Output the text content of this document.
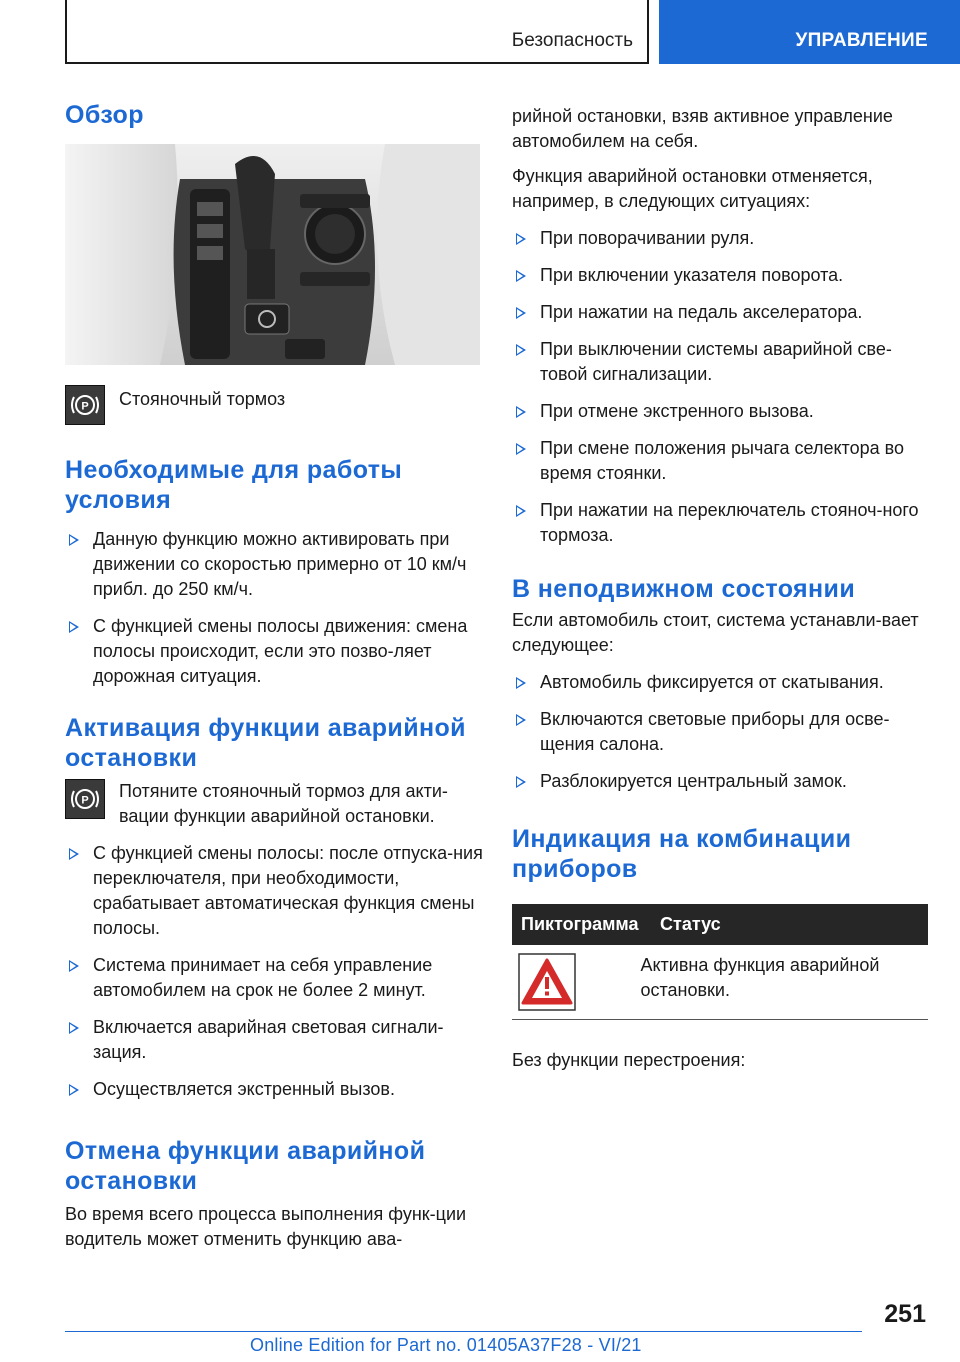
Безопасность	УПРАВЛЕНИЕ
Обзор
P Стояночный тормоз
Необходимые для работы условия
Данную функцию можно активировать при движении со скоростью примерно от 10 км/ч прибл. до 250 км/ч.
С функцией смены полосы движения: смена полосы происходит, если это позво-ляет дорожная ситуация.
Активация функции аварийной остановки
P Потяните стояночный тормоз для акти-вации функции аварийной остановки.
С функцией смены полосы: после отпуска-ния переключателя, при необходимости, срабатывает автоматическая функция смены полосы.
Система принимает на себя управление автомобилем на срок не более 2 минут.
Включается аварийная световая сигнали-зация.
Осуществляется экстренный вызов.
Отмена функции аварийной остановки

Во время всего процесса выполнения функ-ции водитель может отменить функцию ава-

рийной остановки, взяв активное управление автомобилем на себя.

Функция аварийной остановки отменяется, например, в следующих ситуациях:

При поворачивании руля.
При включении указателя поворота.
При нажатии на педаль акселератора.
При выключении системы аварийной све-товой сигнализации.
При отмене экстренного вызова.
При смене положения рычага селектора во время стоянки.
При нажатии на переключатель стояноч-ного тормоза.
В неподвижном состоянии

Если автомобиль стоит, система устанавли-вает следующее:

Автомобиль фиксируется от скатывания.
Включаются световые приборы для осве-щения салона.
Разблокируется центральный замок.
Индикация на комбинации приборов
Пиктограмма	Статус
Активна функция аварийной остановки.

Без функции перестроения:

251
Online Edition for Part no. 01405A37F28 - VI/21
